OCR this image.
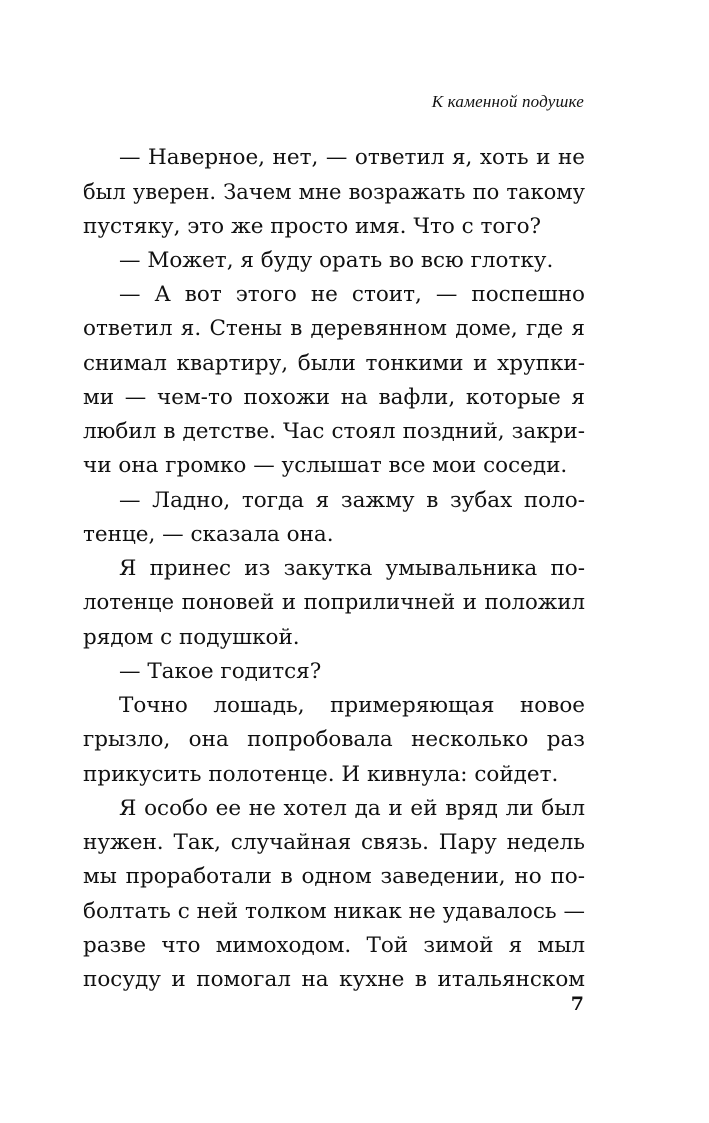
К каменной подушке
— Наверное, нет, — ответил я, хоть и не
был уверен. Зачем мне возражать по такому
пустяку, это же просто имя. Что с того?
— Может, я буду орать во всю глотку.
— А вот этого не стоит, — поспешно
ответил я. Стены в деревянном доме, где я
снимал квартиру, были тонкими и хрупки-
ми — чем-то похожи на вафли, которые я
любил в детстве. Час стоял поздний, закри-
чи она громко — услышат все мои соседи.
— Ладно, тогда я зажму в зубах поло-
тенце, — сказала она.
Я принес из закутка умывальника по-
лотенце поновей и поприличней и положил
рядом с подушкой.
— Такое годится?
Точно лошадь, примеряющая новое
грызло, она попробовала несколько раз
прикусить полотенце. И кивнула: сойдет.
Я особо ее не хотел да и ей вряд ли был
нужен. Так, случайная связь. Пару недель
мы проработали в одном заведении, но по-
болтать с ней толком никак не удавалось —
разве что мимоходом. Той зимой я мыл
посуду и помогал на кухне в итальянском
7
